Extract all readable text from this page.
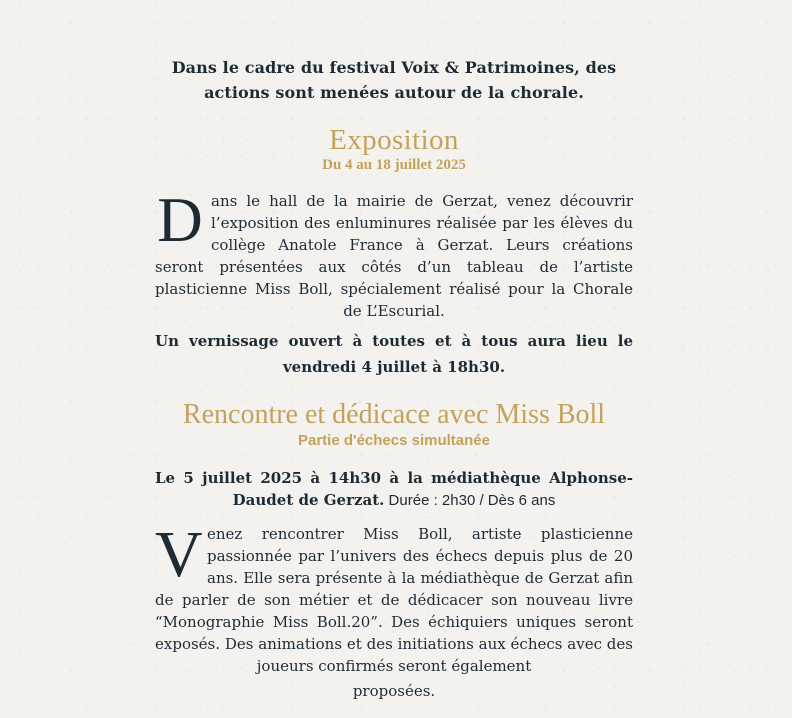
Dans le cadre du festival Voix & Patrimoines, des actions sont menées autour de la chorale.
Exposition
Du 4 au 18 juillet 2025
D ans le hall de la mairie de Gerzat, venez découvrir l’exposition des enluminures réalisée par les élèves du collège Anatole France à Gerzat. Leurs créations seront présentées aux côtés d’un tableau de l’artiste plasticienne Miss Boll, spécialement réalisé pour la Chorale de L’Escurial.
Un vernissage ouvert à toutes et à tous aura lieu le vendredi 4 juillet à 18h30.
Rencontre et dédicace avec Miss Boll
Partie d'échecs simultanée
Le 5 juillet 2025 à 14h30 à la médiathèque Alphonse-Daudet de Gerzat. Durée : 2h30 / Dès 6 ans
V enez rencontrer Miss Boll, artiste plasticienne passionnée par l’univers des échecs depuis plus de 20 ans. Elle sera présente à la médiathèque de Gerzat afin de parler de son métier et de dédicacer son nouveau livre “Monographie Miss Boll.20”. Des échiquiers uniques seront exposés. Des animations et des initiations aux échecs avec des joueurs confirmés seront également
proposées.
